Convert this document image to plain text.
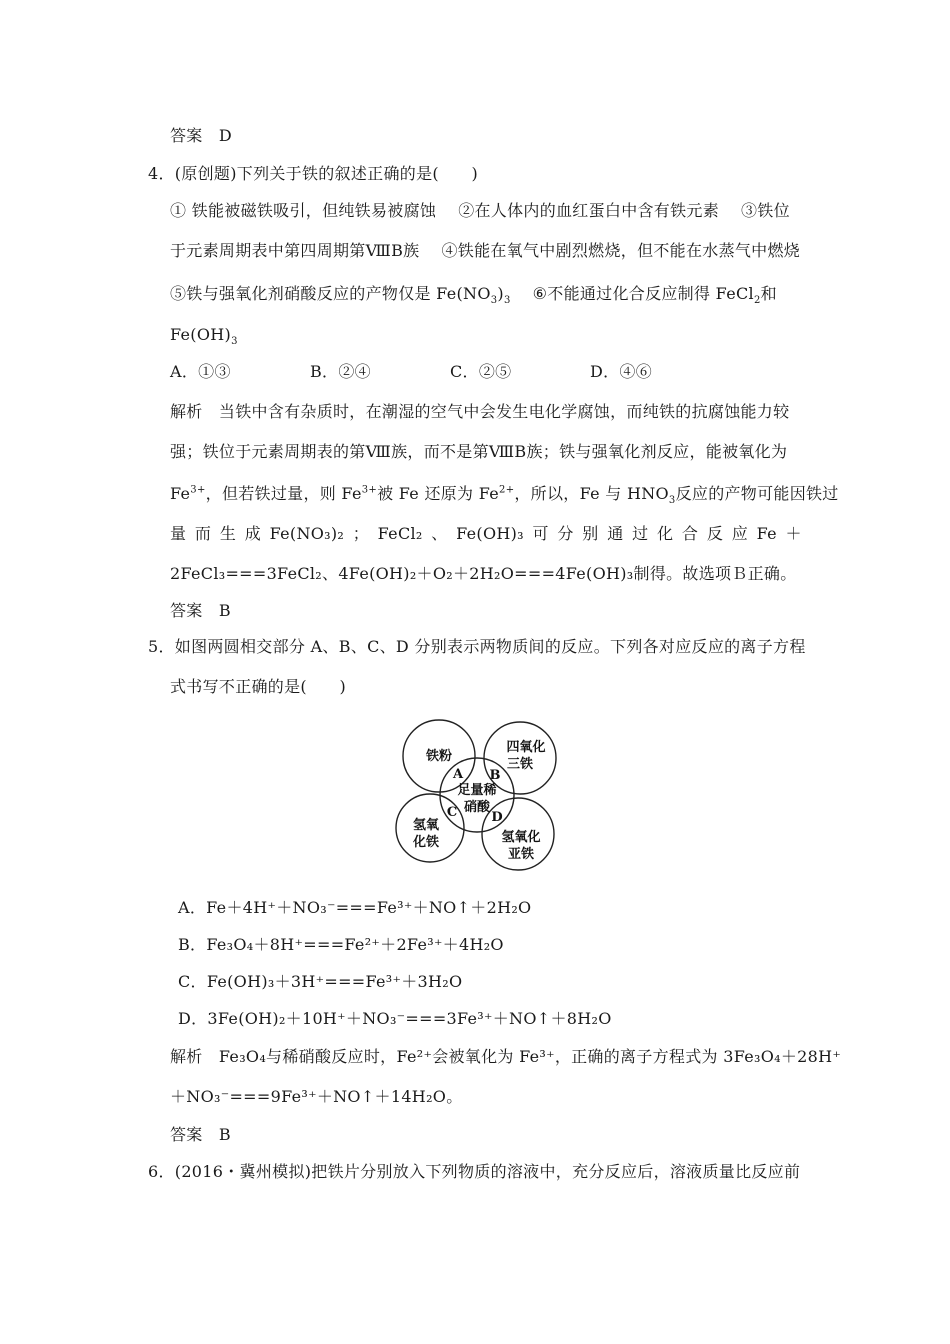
答案　D
4．(原创题)下列关于铁的叙述正确的是(　　)
① 铁能被磁铁吸引，但纯铁易被腐蚀 ②在人体内的血红蛋白中含有铁元素 ③铁位
于元素周期表中第四周期第ⅧB族 ④铁能在氧气中剧烈燃烧，但不能在水蒸气中燃烧
⑤铁与强氧化剂硝酸反应的产物仅是 $Fe(NO_3)_3$ ⑥不能通过化合反应制得 FeCl$_2$和
$Fe(OH)_3$
A．①③	B．②④	C．②⑤	D．④⑥
解析　当铁中含有杂质时，在潮湿的空气中会发生电化学腐蚀，而纯铁的抗腐蚀能力较
强；铁位于元素周期表的第Ⅷ族，而不是第ⅧB族；铁与强氧化剂反应，能被氧化为
$Fe^{3+}$，但若铁过量，则 $Fe^{3+}$被 Fe 还原为 $Fe^{2+}$，所以，Fe 与 $HNO_3$反应的产物可能因铁过
量 而 生 成 Fe(NO₃)₂ ； FeCl₂ 、 Fe(OH)₃ 可 分 别 通 过 化 合 反 应 Fe ＋
2FeCl₃===3FeCl₂、4Fe(OH)₂＋O₂＋2H₂O===4Fe(OH)₃制得。故选项Ｂ正确。
答案　B
5．如图两圆相交部分 A、B、C、D 分别表示两物质间的反应。下列各对应反应的离子方程
式书写不正确的是(　　)
铁粉
四氧化
三铁
足量稀
硝酸
氢氧
化铁	氢氧化
亚铁
A B
C	D
A．Fe＋4H⁺＋NO₃⁻===Fe³⁺＋NO↑＋2H₂O
B．Fe₃O₄＋8H⁺===Fe²⁺＋2Fe³⁺＋4H₂O
C．Fe(OH)₃＋3H⁺===Fe³⁺＋3H₂O
D．3Fe(OH)₂＋10H⁺＋NO₃⁻===3Fe³⁺＋NO↑＋8H₂O
解析　Fe₃O₄与稀硝酸反应时，Fe²⁺会被氧化为 Fe³⁺，正确的离子方程式为 3Fe₃O₄＋28H⁺
＋NO₃⁻===9Fe³⁺＋NO↑＋14H₂O。
答案　B
6．(2016・冀州模拟)把铁片分别放入下列物质的溶液中，充分反应后，溶液质量比反应前
